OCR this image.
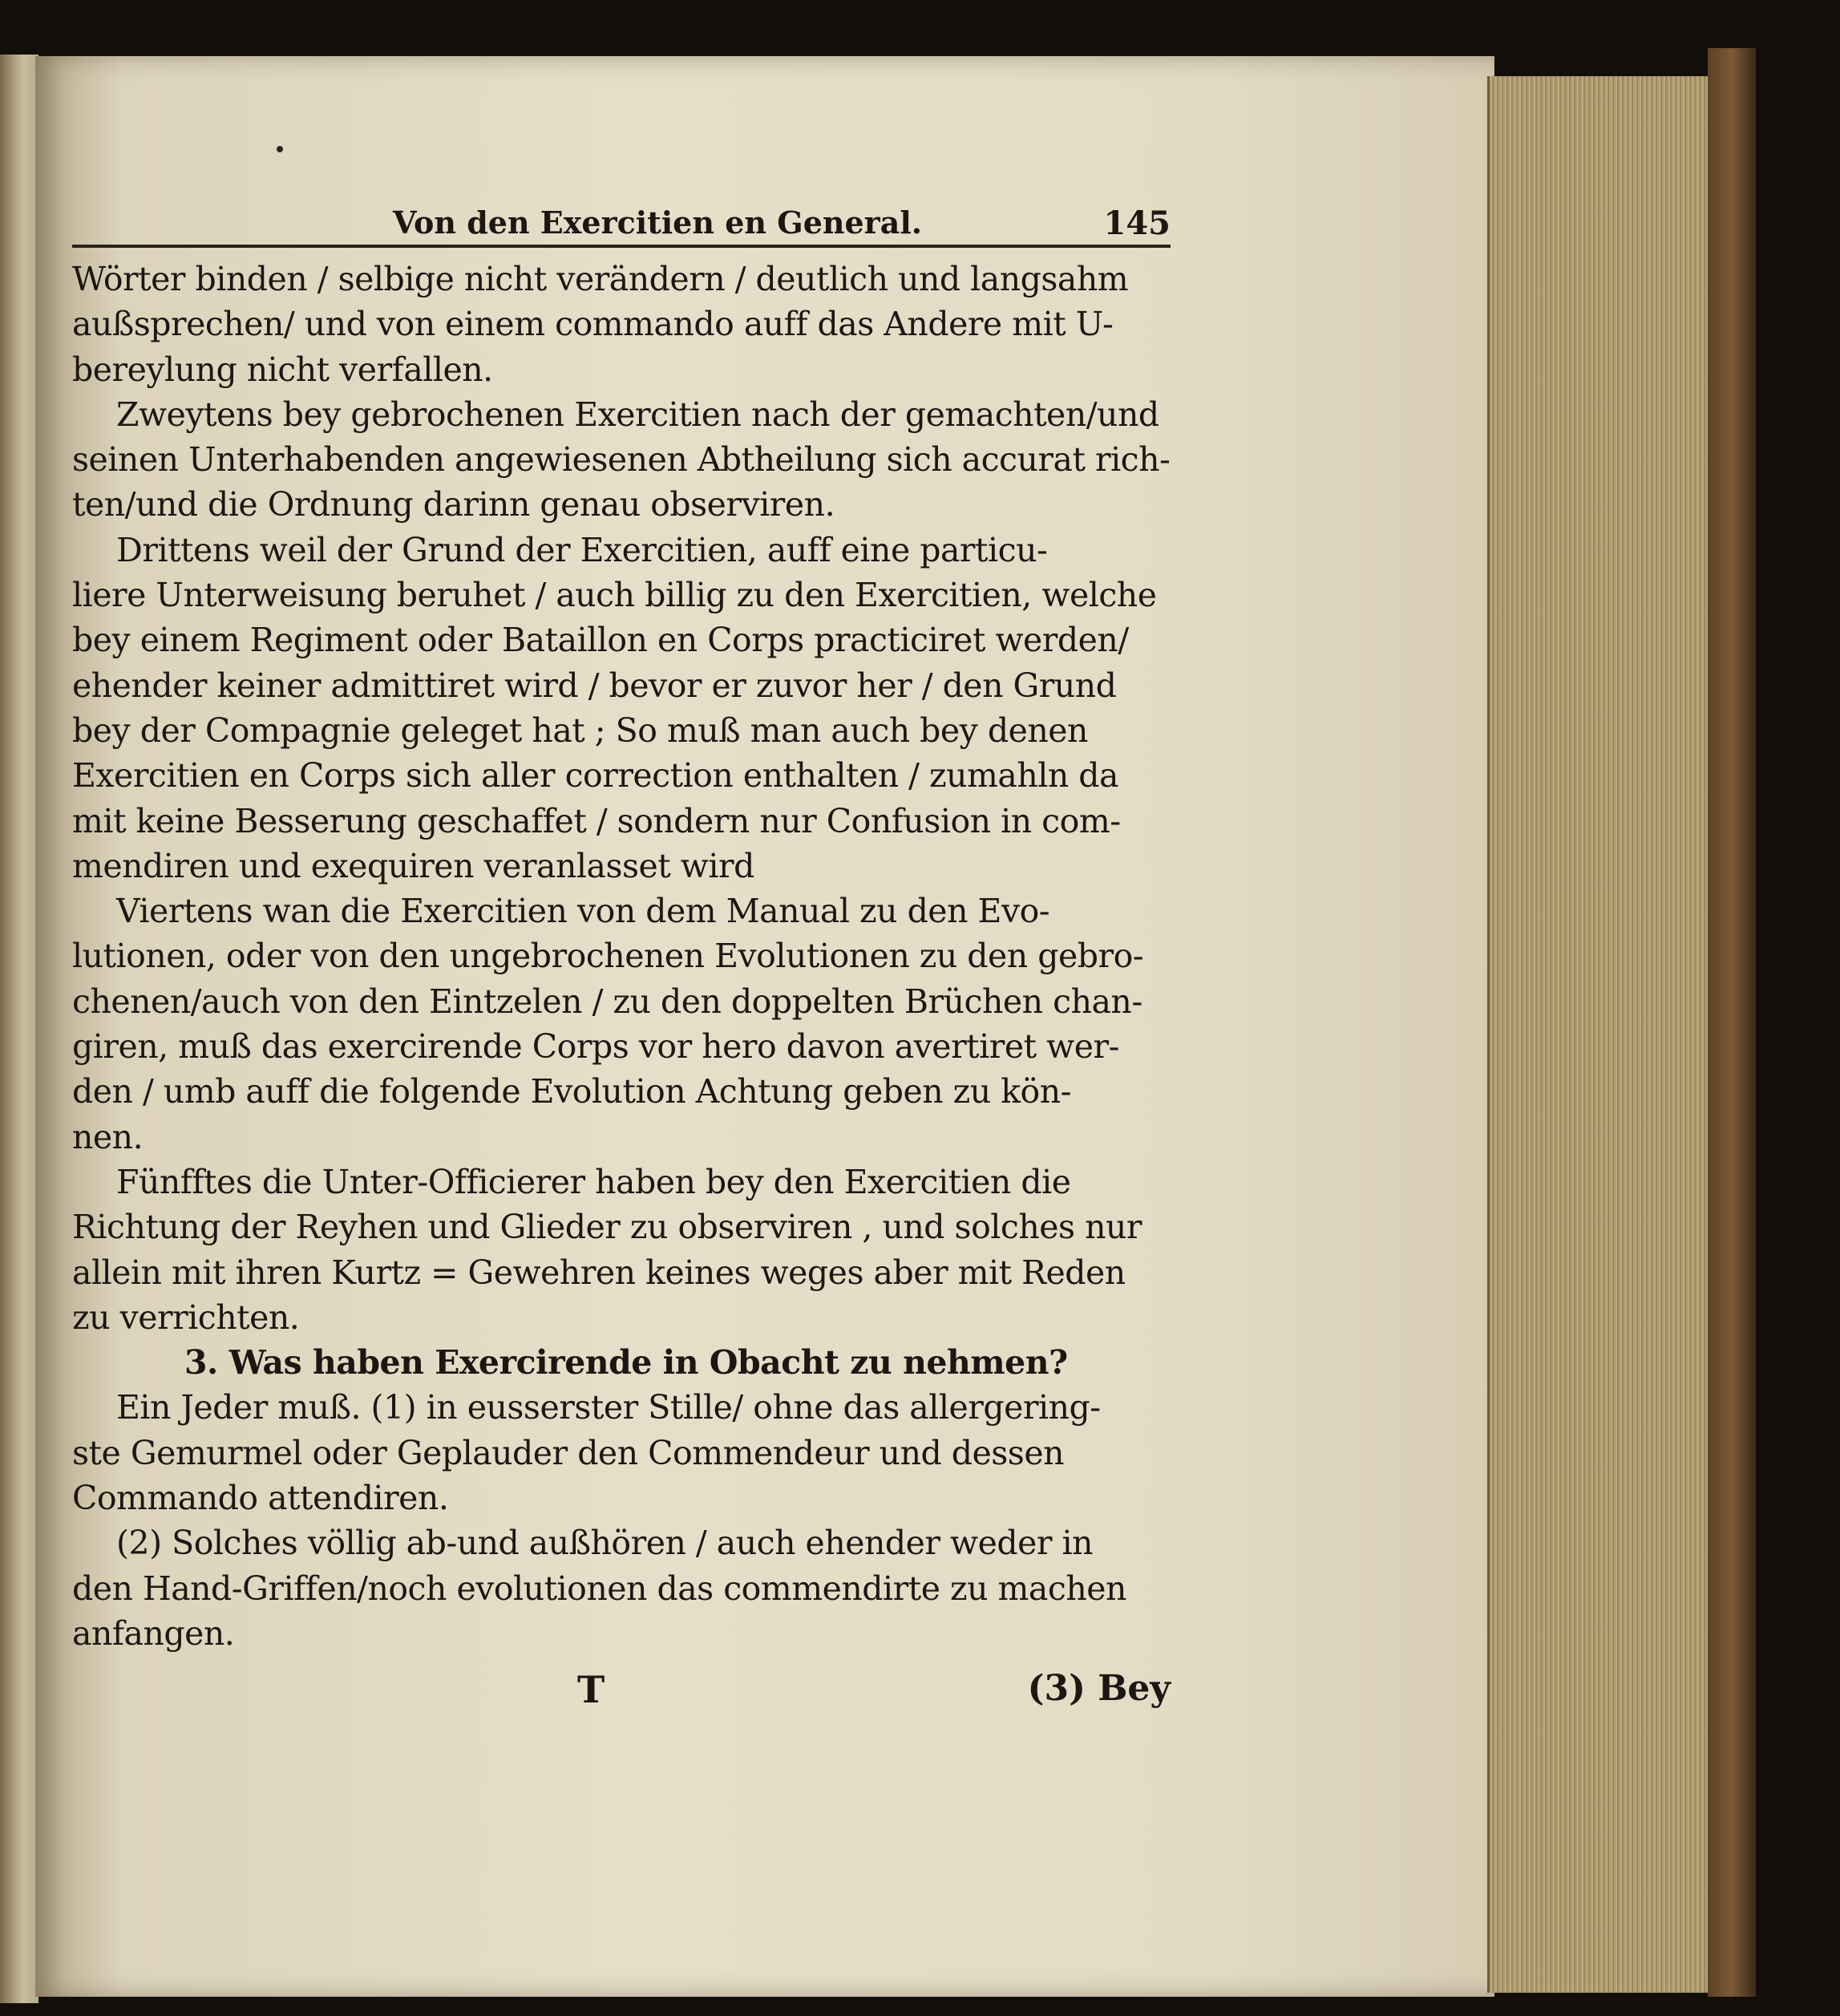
Von den Exercitien en General.	145
Wörter binden / selbige nicht verändern / deutlich und langsahm
außsprechen/ und von einem commando auff das Andere mit U-
bereylung nicht verfallen.
Zweytens bey gebrochenen Exercitien nach der gemachten/und
seinen Unterhabenden angewiesenen Abtheilung sich accurat rich-
ten/und die Ordnung darinn genau observiren.
Drittens weil der Grund der Exercitien, auff eine particu-
liere Unterweisung beruhet / auch billig zu den Exercitien, welche
bey einem Regiment oder Bataillon en Corps practiciret werden/
ehender keiner admittiret wird / bevor er zuvor her / den Grund
bey der Compagnie geleget hat ; So muß man auch bey denen
Exercitien en Corps sich aller correction enthalten / zumahln da
mit keine Besserung geschaffet / sondern nur Confusion in com-
mendiren und exequiren veranlasset wird
Viertens wan die Exercitien von dem Manual zu den Evo-
lutionen, oder von den ungebrochenen Evolutionen zu den gebro-
chenen/auch von den Eintzelen / zu den doppelten Brüchen chan-
giren, muß das exercirende Corps vor hero davon avertiret wer-
den / umb auff die folgende Evolution Achtung geben zu kön-
nen.
Fünfftes die Unter-Officierer haben bey den Exercitien die
Richtung der Reyhen und Glieder zu observiren , und solches nur
allein mit ihren Kurtz = Gewehren keines weges aber mit Reden
zu verrichten.
3. Was haben Exercirende in Obacht zu nehmen?
Ein Jeder muß. (1) in eusserster Stille/ ohne das allergering-
ste Gemurmel oder Geplauder den Commendeur und dessen
Commando attendiren.
(2) Solches völlig ab-und außhören / auch ehender weder in
den Hand-Griffen/noch evolutionen das commendirte zu machen
anfangen.
T	(3) Bey
